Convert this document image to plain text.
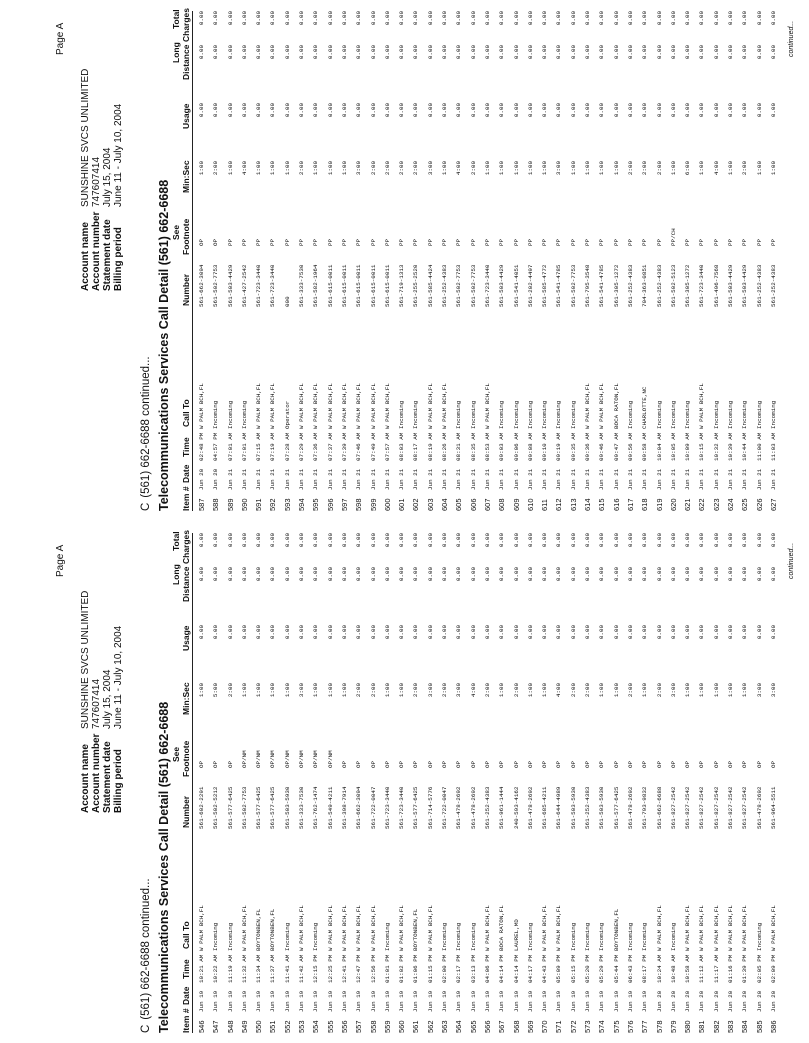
Page A
Account name
SUNSHINE SVCS UNLIMITED
Account number
747607414
Statement date
July 15, 2004
Billing period
June 11 - July 10, 2004
C(561) 662-6688 continued... Telecommunications Services Call Detail (561) 662-6688 Item #
Date
Time
Call To
Number
See Footnote
Min:Sec
Usage
Long Distance
Total Charges
546
Jun 19
10:21 AM
W PALM BCH,FL
561-602-2291
OP
1:00
0.00
0.00
0.00
547
Jun 19
10:22 AM
Incoming
561-502-5212
OP
5:00
0.00
0.00
0.00
548
Jun 19
11:19 AM
Incoming
561-577-6425
OP
2:00
0.00
0.00
0.00
549
Jun 19
11:32 AM
W PALM BCH,FL
561-502-7753
OP/NM
1:00
0.00
0.00
0.00
550
Jun 19
11:34 AM
BOYTONBEN,FL
561-577-6425
OP/NM
1:00
0.00
0.00
0.00
551
Jun 19
11:37 AM
BOYTONBEN,FL
561-577-6425
OP/NM
1:00
0.00
0.00
0.00
552
Jun 19
11:41 AM
Incoming
561-503-5930
OP/NM
1:00
0.00
0.00
0.00
553
Jun 19
11:42 AM
W PALM BCH,FL
561-333-7530
OP/NM
3:00
0.00
0.00
0.00
554
Jun 19
12:15 PM
Incoming
561-762-1474
OP/NM
1:00
0.00
0.00
0.00
555
Jun 19
12:25 PM
W PALM BCH,FL
561-549-4211
OP/NM
1:00
0.00
0.00
0.00
556
Jun 19
12:41 PM
W PALM BCH,FL
561-398-7914
OP
1:00
0.00
0.00
0.00
557
Jun 19
12:47 PM
W PALM BCH,FL
561-662-3094
OP
2:00
0.00
0.00
0.00
558
Jun 19
12:56 PM
W PALM BCH,FL
561-722-0047
OP
2:00
0.00
0.00
0.00
559
Jun 19
01:01 PM
Incoming
561-723-3440
OP
1:00
0.00
0.00
0.00
560
Jun 19
01:02 PM
W PALM BCH,FL
561-723-3440
OP
1:00
0.00
0.00
0.00
561
Jun 19
01:06 PM
BOYTONBEN,FL
561-577-6425
OP
2:00
0.00
0.00
0.00
562
Jun 19
01:15 PM
W PALM BCH,FL
561-714-5776
OP
3:00
0.00
0.00
0.00
563
Jun 19
02:00 PM
Incoming
561-722-0047
OP
2:00
0.00
0.00
0.00
564
Jun 19
02:17 PM
Incoming
561-478-2692
OP
3:00
0.00
0.00
0.00
565
Jun 19
03:13 PM
Incoming
561-478-2692
OP
4:00
0.00
0.00
0.00
566
Jun 19
04:06 PM
W PALM BCH,FL
561-252-4383
OP
2:00
0.00
0.00
0.00
567
Jun 19
04:14 PM
BOCA RATON,FL
561-961-1444
OP
1:00
0.00
0.00
0.00
568
Jun 19
04:14 PM
LAUREL,MD
240-593-4162
OP
2:00
0.00
0.00
0.00
569
Jun 19
04:17 PM
Incoming
561-478-2692
OP
1:00
0.00
0.00
0.00
570
Jun 19
04:43 PM
W PALM BCH,FL
561-685-4211
OP
1:00
0.00
0.00
0.00
571
Jun 19
05:09 PM
W PALM BCH,FL
561-644-4989
OP
4:00
0.00
0.00
0.00
572
Jun 19
05:15 PM
Incoming
561-503-5930
OP
2:00
0.00
0.00
0.00
573
Jun 19
05:20 PM
Incoming
561-252-4383
OP
2:00
0.00
0.00
0.00
574
Jun 19
05:29 PM
Incoming
561-503-5930
OP
1:00
0.00
0.00
0.00
575
Jun 19
05:44 PM
BOYTONBEN,FL
561-577-6425
OP
1:00
0.00
0.00
0.00
576
Jun 19
06:43 PM
Incoming
561-478-2692
OP
2:00
0.00
0.00
0.00
577
Jun 19
08:17 PM
Incoming
561-793-9832
OP
1:00
0.00
0.00
0.00
578
Jun 20
10:24 AM
W PALM BCH,FL
561-662-6688
OP
2:00
0.00
0.00
0.00
579
Jun 20
10:48 AM
Incoming
561-827-2542
OP
3:00
0.00
0.00
0.00
580
Jun 20
10:58 AM
W PALM BCH,FL
561-827-2542
OP
1:00
0.00
0.00
0.00
581
Jun 20
11:12 AM
W PALM BCH,FL
561-827-2542
OP
1:00
0.00
0.00
0.00
582
Jun 20
11:17 AM
W PALM BCH,FL
561-827-2542
OP
1:00
0.00
0.00
0.00
583
Jun 20
01:16 PM
W PALM BCH,FL
561-827-2542
OP
1:00
0.00
0.00
0.00
584
Jun 20
01:39 PM
W PALM BCH,FL
561-827-2542
OP
1:00
0.00
0.00
0.00
585
Jun 20
02:05 PM
Incoming
561-478-2692
OP
3:00
0.00
0.00
0.00
586
Jun 20
02:09 PM
W PALM BCH,FL
561-964-5511
OP
3:00
0.00
0.00
0.00
continued...
Page A
Account name
SUNSHINE SVCS UNLIMITED
Account number
747607414
Statement date
July 15, 2004
Billing period
June 11 - July 10, 2004
C(561) 662-6688 continued... Telecommunications Services Call Detail (561) 662-6688 Item #
Date
Time
Call To
Number
See Footnote
Min:Sec
Usage
Long Distance
Total Charges
587
Jun 20
02:48 PM
W PALM BCH,FL
561-662-3094
OP
1:00
0.00
0.00
0.00
588
Jun 20
04:57 PM
Incoming
561-502-7753
OP
2:00
0.00
0.00
0.00
589
Jun 21
07:01 AM
Incoming
561-503-4429
PP
1:00
0.00
0.00
0.00
590
Jun 21
07:01 AM
Incoming
561-427-2542
PP
4:00
0.00
0.00
0.00
591
Jun 21
07:15 AM
W PALM BCH,FL
561-723-3440
PP
1:00
0.00
0.00
0.00
592
Jun 21
07:19 AM
W PALM BCH,FL
561-723-3440
PP
1:00
0.00
0.00
0.00
593
Jun 21
07:28 AM
Operator
000
PP
1:00
0.00
0.00
0.00
594
Jun 21
07:29 AM
W PALM BCH,FL
561-333-7530
PP
2:00
0.00
0.00
0.00
595
Jun 21
07:36 AM
W PALM BCH,FL
561-582-1964
PP
1:00
0.00
0.00
0.00
596
Jun 21
07:37 AM
W PALM BCH,FL
561-615-0011
PP
1:00
0.00
0.00
0.00
597
Jun 21
07:39 AM
W PALM BCH,FL
561-615-0011
PP
1:00
0.00
0.00
0.00
598
Jun 21
07:46 AM
W PALM BCH,FL
561-615-0011
PP
3:00
0.00
0.00
0.00
599
Jun 21
07:49 AM
W PALM BCH,FL
561-615-0011
PP
2:00
0.00
0.00
0.00
600
Jun 21
07:57 AM
W PALM BCH,FL
561-615-0011
PP
2:00
0.00
0.00
0.00
601
Jun 21
08:03 AM
Incoming
561-719-1313
PP
2:00
0.00
0.00
0.00
602
Jun 21
08:17 AM
Incoming
561-255-2520
PP
2:00
0.00
0.00
0.00
603
Jun 21
08:19 AM
W PALM BCH,FL
561-585-4424
PP
3:00
0.00
0.00
0.00
604
Jun 21
08:26 AM
W PALM BCH,FL
561-252-4383
PP
1:00
0.00
0.00
0.00
605
Jun 21
08:31 AM
Incoming
561-502-7753
PP
4:00
0.00
0.00
0.00
606
Jun 21
08:35 AM
Incoming
561-502-7753
PP
2:00
0.00
0.00
0.00
607
Jun 21
08:53 AM
W PALM BCH,FL
561-723-3440
PP
1:00
0.00
0.00
0.00
608
Jun 21
09:03 AM
Incoming
561-503-4429
PP
1:00
0.00
0.00
0.00
609
Jun 21
09:06 AM
Incoming
561-541-4051
PP
1:00
0.00
0.00
0.00
610
Jun 21
09:08 AM
Incoming
561-202-4497
PP
1:00
0.00
0.00
0.00
611
Jun 21
09:10 AM
Incoming
561-585-4772
PP
1:00
0.00
0.00
0.00
612
Jun 21
09:19 AM
Incoming
561-541-4785
PP
3:00
0.00
0.00
0.00
613
Jun 21
09:35 AM
Incoming
561-502-7753
PP
1:00
0.00
0.00
0.00
614
Jun 21
09:36 AM
W PALM BCH,FL
561-795-3548
PP
1:00
0.00
0.00
0.00
615
Jun 21
09:46 AM
W PALM BCH,FL
561-541-4785
PP
1:00
0.00
0.00
0.00
616
Jun 21
09:47 AM
BOCA RATON,FL
561-305-1272
PP
1:00
0.00
0.00
0.00
617
Jun 21
09:56 AM
Incoming
561-252-4383
PP
2:00
0.00
0.00
0.00
618
Jun 21
09:58 AM
CHARLOTTE,NC
704-363-0851
PP
2:00
0.00
0.00
0.00
619
Jun 21
10:04 AM
Incoming
561-252-4383
PP
2:00
0.00
0.00
0.00
620
Jun 21
10:05 AM
Incoming
561-502-5123
PP/CH
1:00
0.00
0.00
0.00
621
Jun 21
10:09 AM
Incoming
561-305-1272
PP
6:00
0.00
0.00
0.00
622
Jun 21
10:15 AM
W PALM BCH,FL
561-723-3440
PP
1:00
0.00
0.00
0.00
623
Jun 21
10:32 AM
Incoming
561-496-7568
PP
4:00
0.00
0.00
0.00
624
Jun 21
10:39 AM
Incoming
561-503-4429
PP
1:00
0.00
0.00
0.00
625
Jun 21
10:44 AM
Incoming
561-503-4429
PP
2:00
0.00
0.00
0.00
626
Jun 21
11:00 AM
Incoming
561-252-4383
PP
1:00
0.00
0.00
0.00
627
Jun 21
11:03 AM
Incoming
561-252-4383
PP
1:00
0.00
0.00
0.00
continued...
